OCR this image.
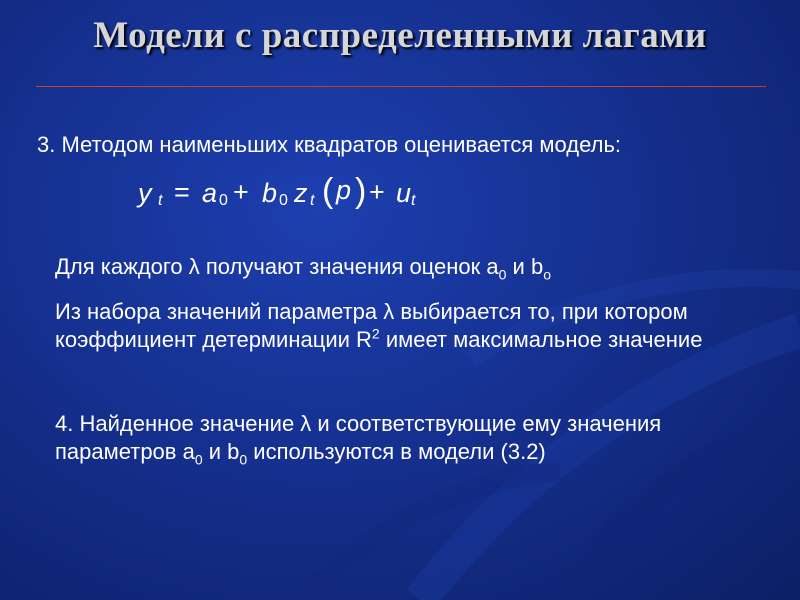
Модели с распределенными лагами
3. Методом наименьших квадратов оценивается модель:
y t = a 0 + b 0 z t ( p ) + u t
Для каждого λ получают значения оценок $a_0$ и $b_o$
Из набора значений параметра λ выбирается то, при котором коэффициент детерминации $R^2$ имеет максимальное значение
4. Найденное значение λ и соответствующие ему значения параметров $a_0$ и $b_0$ используются в модели (3.2)
